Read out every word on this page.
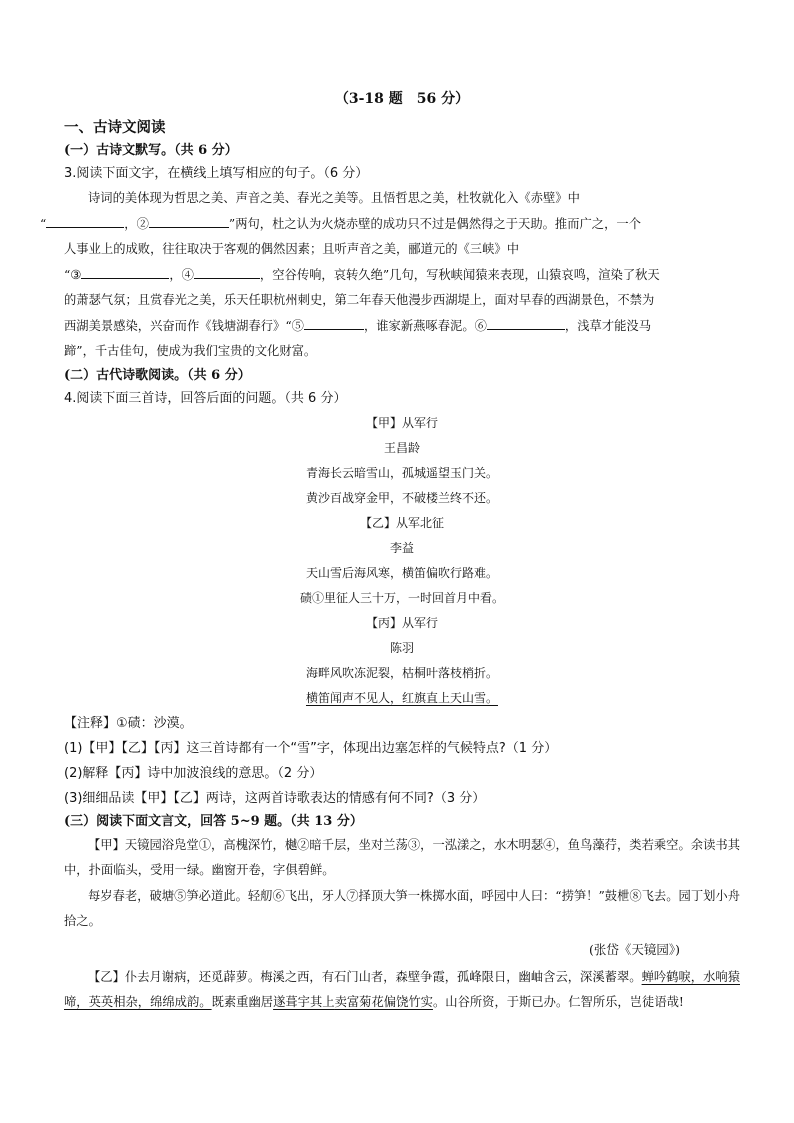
（3-18 题　56 分）
一、古诗文阅读
(一）古诗文默写。（共 6 分）
3.阅读下面文字，在横线上填写相应的句子。（6 分）
诗词的美体现为哲思之美、声音之美、春光之美等。且悟哲思之美，杜牧就化入《赤壁》中
“	，②	”两句，杜之认为火烧赤壁的成功只不过是偶然得之于天助。推而广之，一个
人事业上的成败，往往取决于客观的偶然因素；且听声音之美，郦道元的《三峡》中
“③	，④	，空谷传响，哀转久绝”几句，写秋峡闻猿来表现，山猿哀鸣，渲染了秋天
的萧瑟气氛；且赏春光之美，乐天任职杭州刺史，第二年春天他漫步西湖堤上，面对早春的西湖景色，不禁为
西湖美景感染，兴奋而作《钱塘湖春行》“⑤	，谁家新燕啄春泥。⑥	，浅草才能没马
蹄”，千古佳句，使成为我们宝贵的文化财富。
(二）古代诗歌阅读。（共 6 分）
4.阅读下面三首诗，回答后面的问题。（共 6 分）
【甲】从军行
王昌龄
青海长云暗雪山，孤城遥望玉门关。
黄沙百战穿金甲，不破楼兰终不还。
【乙】从军北征
李益
天山雪后海风寒，横笛偏吹行路难。
碛①里征人三十万，一时回首月中看。
【丙】从军行
陈羽
海畔风吹冻泥裂，枯桐叶落枝梢折。
横笛闻声不见人，红旗直上天山雪。
【注释】①碛：沙漠。
(1)【甲】【乙】【丙】这三首诗都有一个“雪”字，体现出边塞怎样的气候特点?（1 分）
(2)解释【丙】诗中加波浪线的意思。（2 分）
(3)细细品读【甲】【乙】两诗，这两首诗歌表达的情感有何不同?（3 分）
(三）阅读下面文言文，回答 5~9 题。（共 13 分）
【甲】天镜园浴凫堂①，高槐深竹，樾②暗千层，坐对兰荡③，一泓漾之，水木明瑟④，鱼鸟藻荇，类若乘空。余读书其中，扑面临头，受用一绿。幽窗开卷，字俱碧鲜。
每岁春老，破塘⑤笋必道此。轻舠⑥飞出，牙人⑦择顶大笋一株掷水面，呼园中人曰：“捞笋！”鼓枻⑧飞去。园丁划小舟拾之。
(张岱《天镜园》)
【乙】仆去月谢病，还觅薜萝。梅溪之西，有石门山者，森壁争霞，孤峰限日，幽岫含云，深溪蓄翠。蝉吟鹤唳，水响猿啼，英英相杂，绵绵成韵。既素重幽居遂葺宇其上卖富菊花偏饶竹实。山谷所资，于斯已办。仁智所乐，岂徒语哉!
